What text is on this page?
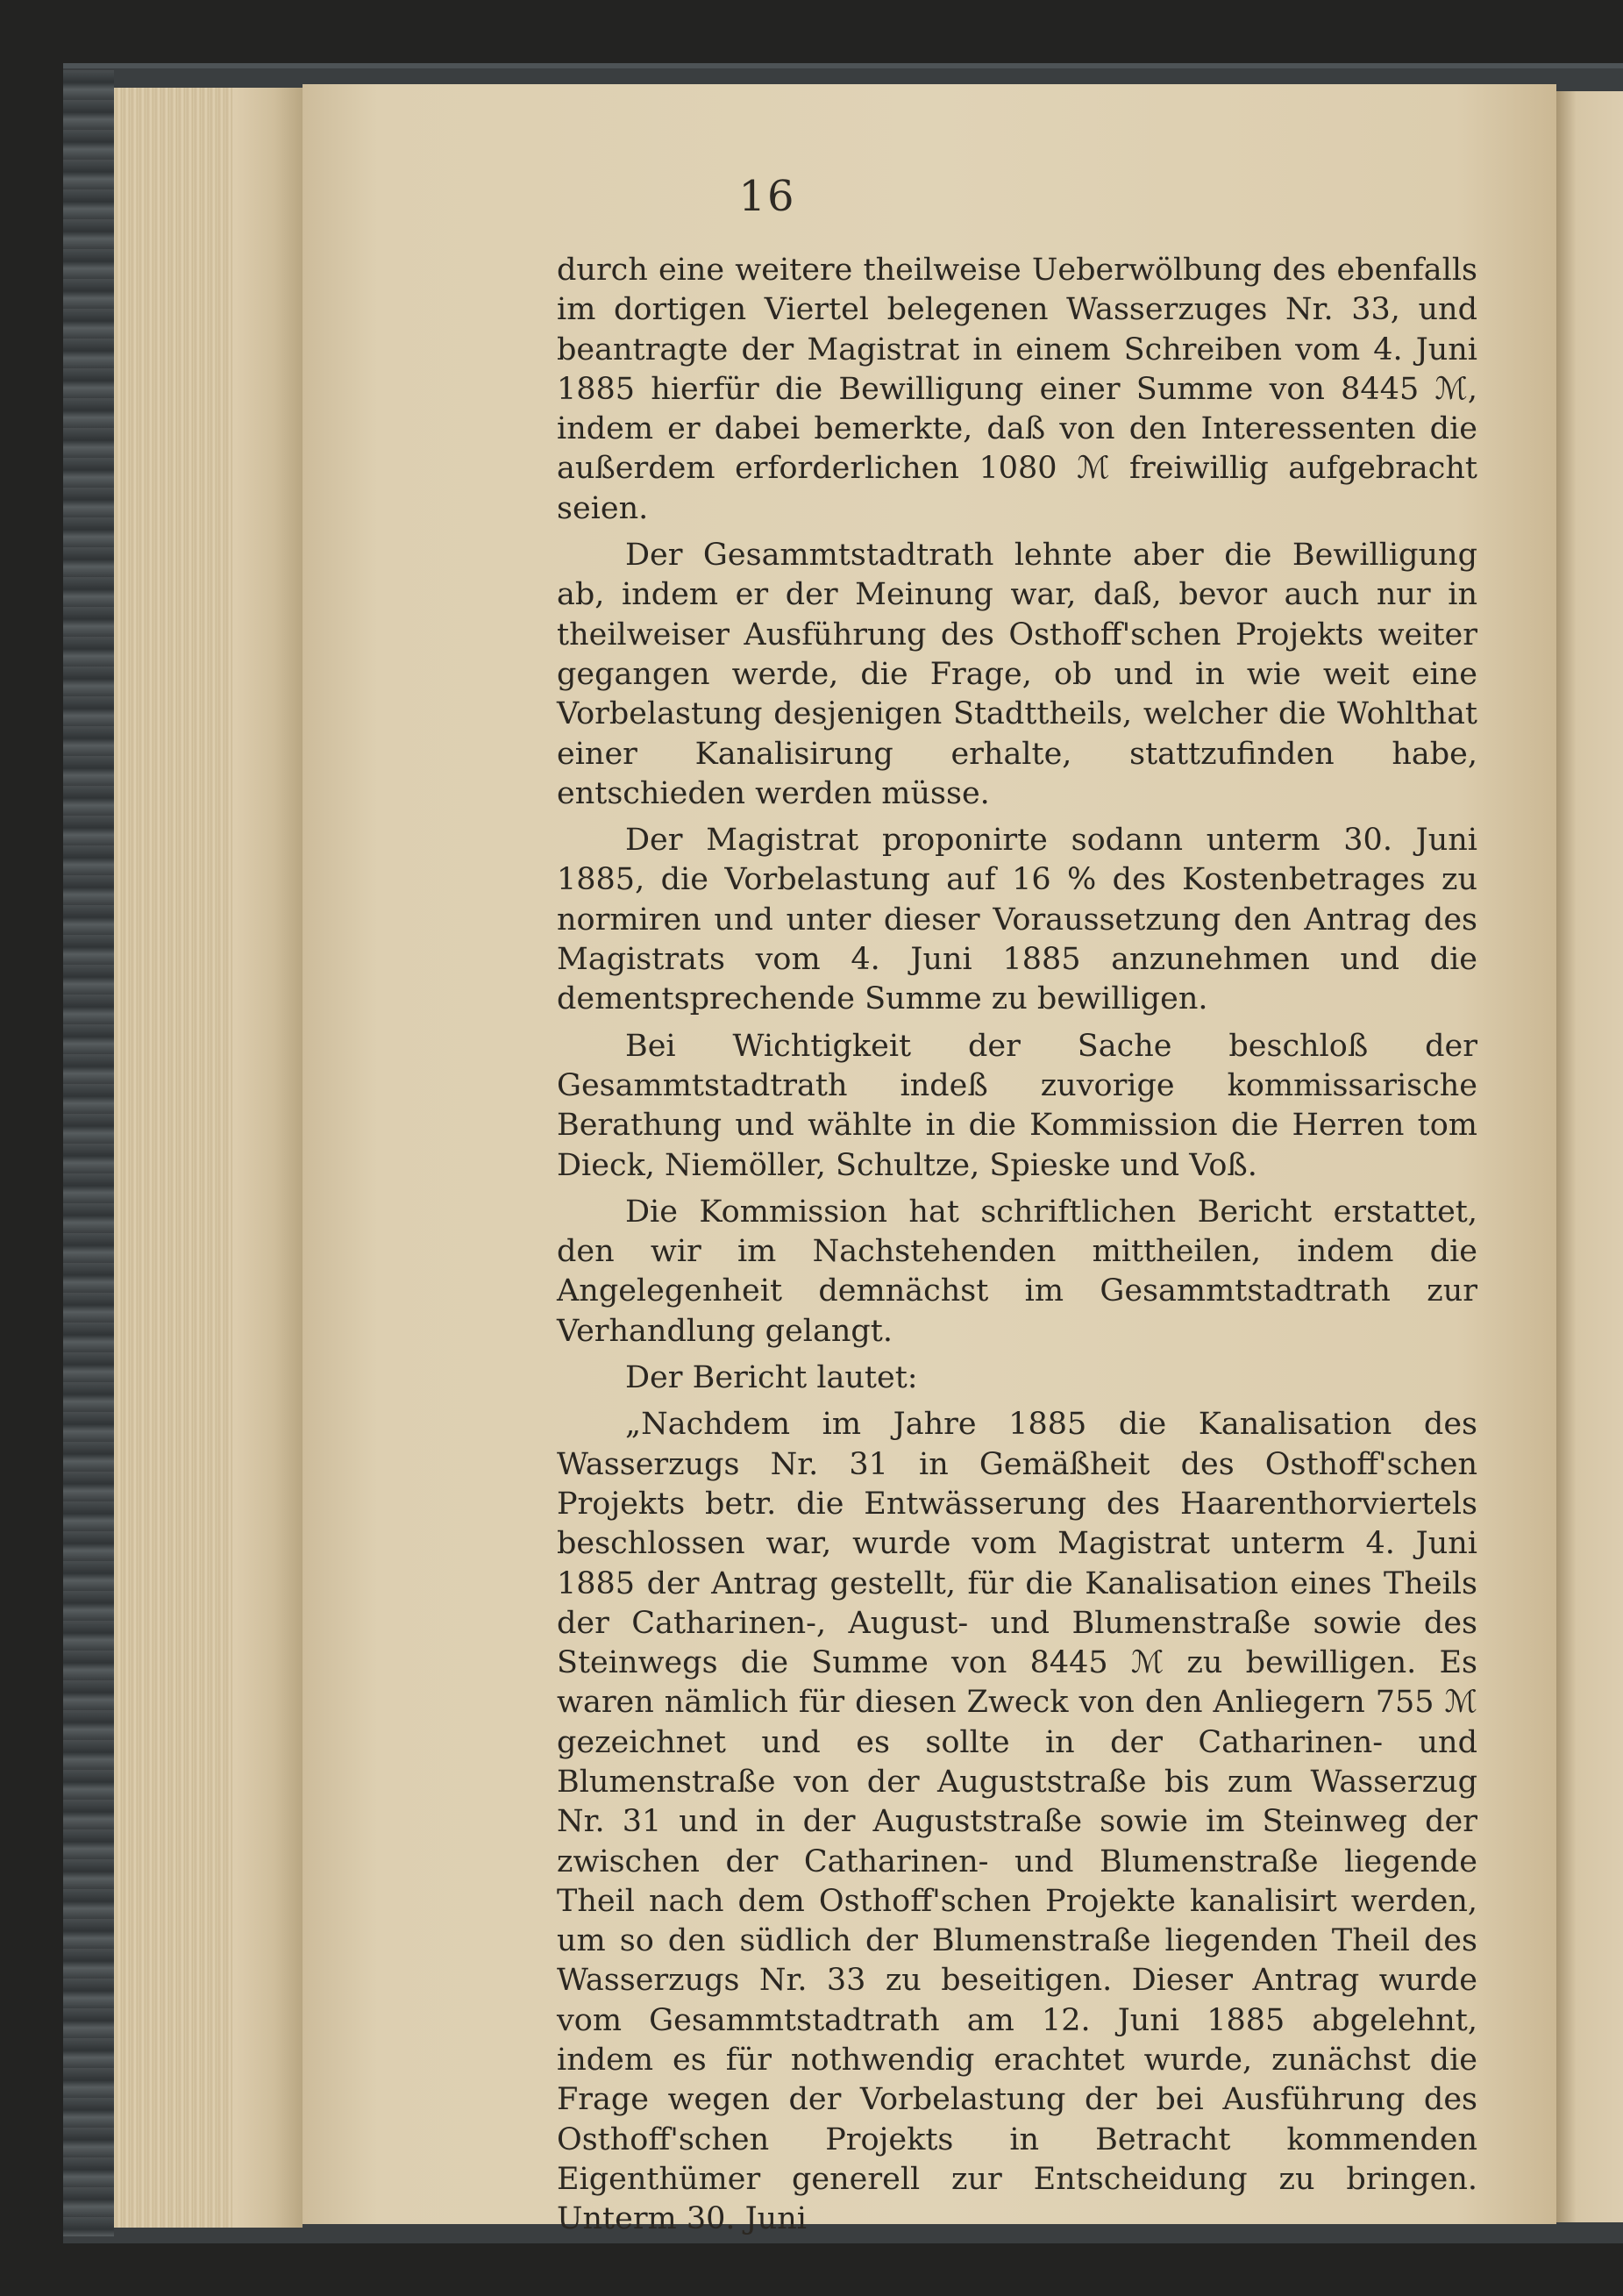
16

durch eine weitere theilweise Ueberwölbung des ebenfalls im dortigen Viertel belegenen Wasserzuges Nr. 33, und beantragte der Magistrat in einem Schreiben vom 4. Juni 1885 hierfür die Bewilligung einer Summe von 8445 ℳ, indem er dabei bemerkte, daß von den Interessenten die außerdem erforderlichen 1080 ℳ freiwillig aufgebracht seien.

Der Gesammtstadtrath lehnte aber die Bewilligung ab, indem er der Meinung war, daß, bevor auch nur in theilweiser Ausführung des Osthoff'schen Projekts weiter gegangen werde, die Frage, ob und in wie weit eine Vorbelastung desjenigen Stadttheils, welcher die Wohlthat einer Kanalisirung erhalte, stattzufinden habe, entschieden werden müsse.

Der Magistrat proponirte sodann unterm 30. Juni 1885, die Vorbelastung auf 16 % des Kostenbetrages zu normiren und unter dieser Voraussetzung den Antrag des Magistrats vom 4. Juni 1885 anzunehmen und die dementsprechende Summe zu bewilligen.

Bei Wichtigkeit der Sache beschloß der Gesammtstadtrath indeß zuvorige kommissarische Berathung und wählte in die Kommission die Herren tom Dieck, Niemöller, Schultze, Spieske und Voß.

Die Kommission hat schriftlichen Bericht erstattet, den wir im Nachstehenden mittheilen, indem die Angelegenheit demnächst im Gesammtstadtrath zur Verhandlung gelangt.

Der Bericht lautet:

„Nachdem im Jahre 1885 die Kanalisation des Wasserzugs Nr. 31 in Gemäßheit des Osthoff'schen Projekts betr. die Entwässerung des Haarenthorviertels beschlossen war, wurde vom Magistrat unterm 4. Juni 1885 der Antrag gestellt, für die Kanalisation eines Theils der Catharinen-, August- und Blumenstraße sowie des Steinwegs die Summe von 8445 ℳ zu bewilligen. Es waren nämlich für diesen Zweck von den Anliegern 755 ℳ gezeichnet und es sollte in der Catharinen- und Blumenstraße von der Auguststraße bis zum Wasserzug Nr. 31 und in der Auguststraße sowie im Steinweg der zwischen der Catharinen- und Blumenstraße liegende Theil nach dem Osthoff'schen Projekte kanalisirt werden, um so den südlich der Blumenstraße liegenden Theil des Wasserzugs Nr. 33 zu beseitigen. Dieser Antrag wurde vom Gesammtstadtrath am 12. Juni 1885 abgelehnt, indem es für nothwendig erachtet wurde, zunächst die Frage wegen der Vorbelastung der bei Ausführung des Osthoff'schen Projekts in Betracht kommenden Eigenthümer generell zur Entscheidung zu bringen. Unterm 30. Juni
